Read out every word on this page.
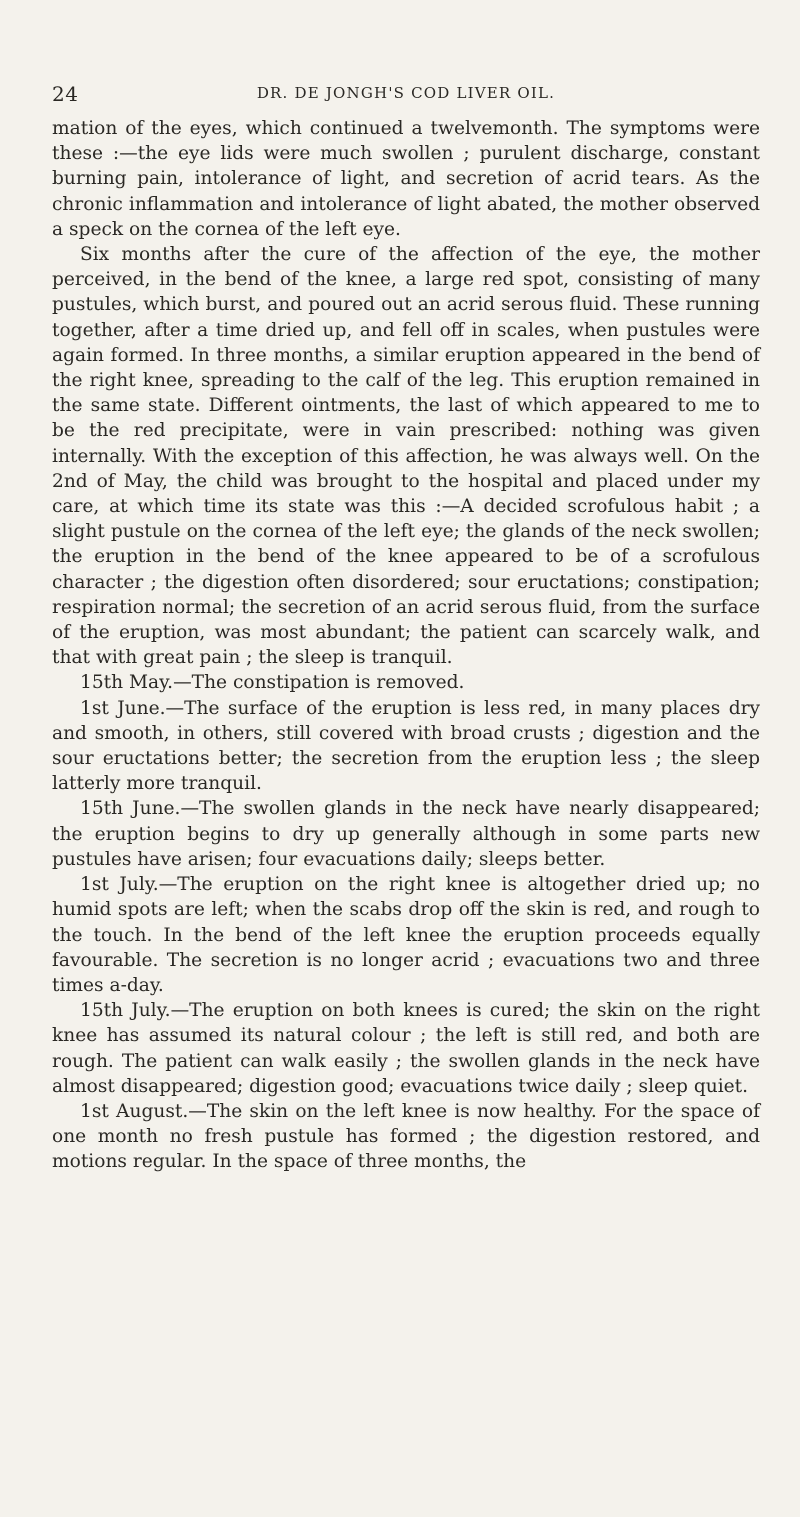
24	DR. DE JONGH'S COD LIVER OIL.

mation of the eyes, which continued a twelvemonth. The symptoms were these :—the eye lids were much swollen ; purulent discharge, constant burning pain, intolerance of light, and secretion of acrid tears. As the chronic inflammation and intolerance of light abated, the mother observed a speck on the cornea of the left eye.

Six months after the cure of the affection of the eye, the mother perceived, in the bend of the knee, a large red spot, consisting of many pustules, which burst, and poured out an acrid serous fluid. These running together, after a time dried up, and fell off in scales, when pustules were again formed. In three months, a similar eruption appeared in the bend of the right knee, spreading to the calf of the leg. This eruption remained in the same state. Different ointments, the last of which appeared to me to be the red precipitate, were in vain prescribed: nothing was given internally. With the exception of this affection, he was always well. On the 2nd of May, the child was brought to the hospital and placed under my care, at which time its state was this :—A decided scrofulous habit ; a slight pustule on the cornea of the left eye; the glands of the neck swollen; the eruption in the bend of the knee appeared to be of a scrofulous character ; the digestion often disordered; sour eructations; constipation; respiration normal; the secretion of an acrid serous fluid, from the surface of the eruption, was most abundant; the patient can scarcely walk, and that with great pain ; the sleep is tranquil.

15th May.—The constipation is removed.

1st June.—The surface of the eruption is less red, in many places dry and smooth, in others, still covered with broad crusts ; digestion and the sour eructations better; the secretion from the eruption less ; the sleep latterly more tranquil.

15th June.—The swollen glands in the neck have nearly disappeared; the eruption begins to dry up generally although in some parts new pustules have arisen; four evacuations daily; sleeps better.

1st July.—The eruption on the right knee is altogether dried up; no humid spots are left; when the scabs drop off the skin is red, and rough to the touch. In the bend of the left knee the eruption proceeds equally favourable. The secretion is no longer acrid ; evacuations two and three times a-day.

15th July.—The eruption on both knees is cured; the skin on the right knee has assumed its natural colour ; the left is still red, and both are rough. The patient can walk easily ; the swollen glands in the neck have almost disappeared; digestion good; evacuations twice daily ; sleep quiet.

1st August.—The skin on the left knee is now healthy. For the space of one month no fresh pustule has formed ; the digestion restored, and motions regular. In the space of three months, the
